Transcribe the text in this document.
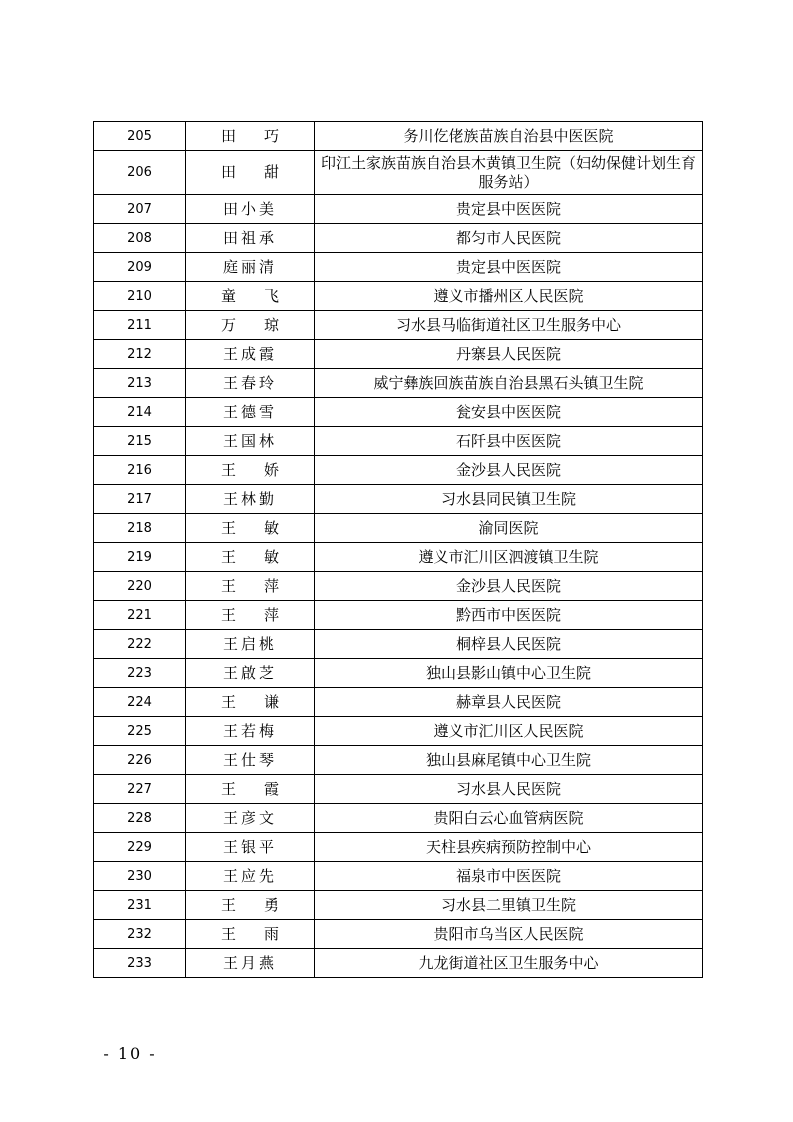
205	田巧	务川仡佬族苗族自治县中医医院
206	田甜	印江土家族苗族自治县木黄镇卫生院（妇幼保健计划生育服务站）
207	田小美	贵定县中医医院
208	田祖承	都匀市人民医院
209	庭丽清	贵定县中医医院
210	童飞	遵义市播州区人民医院
211	万琼	习水县马临街道社区卫生服务中心
212	王成霞	丹寨县人民医院
213	王春玲	威宁彝族回族苗族自治县黑石头镇卫生院
214	王德雪	瓮安县中医医院
215	王国林	石阡县中医医院
216	王娇	金沙县人民医院
217	王林勤	习水县同民镇卫生院
218	王敏	渝同医院
219	王敏	遵义市汇川区泗渡镇卫生院
220	王萍	金沙县人民医院
221	王萍	黔西市中医医院
222	王启桃	桐梓县人民医院
223	王啟芝	独山县影山镇中心卫生院
224	王谦	赫章县人民医院
225	王若梅	遵义市汇川区人民医院
226	王仕琴	独山县麻尾镇中心卫生院
227	王霞	习水县人民医院
228	王彦文	贵阳白云心血管病医院
229	王银平	天柱县疾病预防控制中心
230	王应先	福泉市中医医院
231	王勇	习水县二里镇卫生院
232	王雨	贵阳市乌当区人民医院
233	王月燕	九龙街道社区卫生服务中心
- 10 -
